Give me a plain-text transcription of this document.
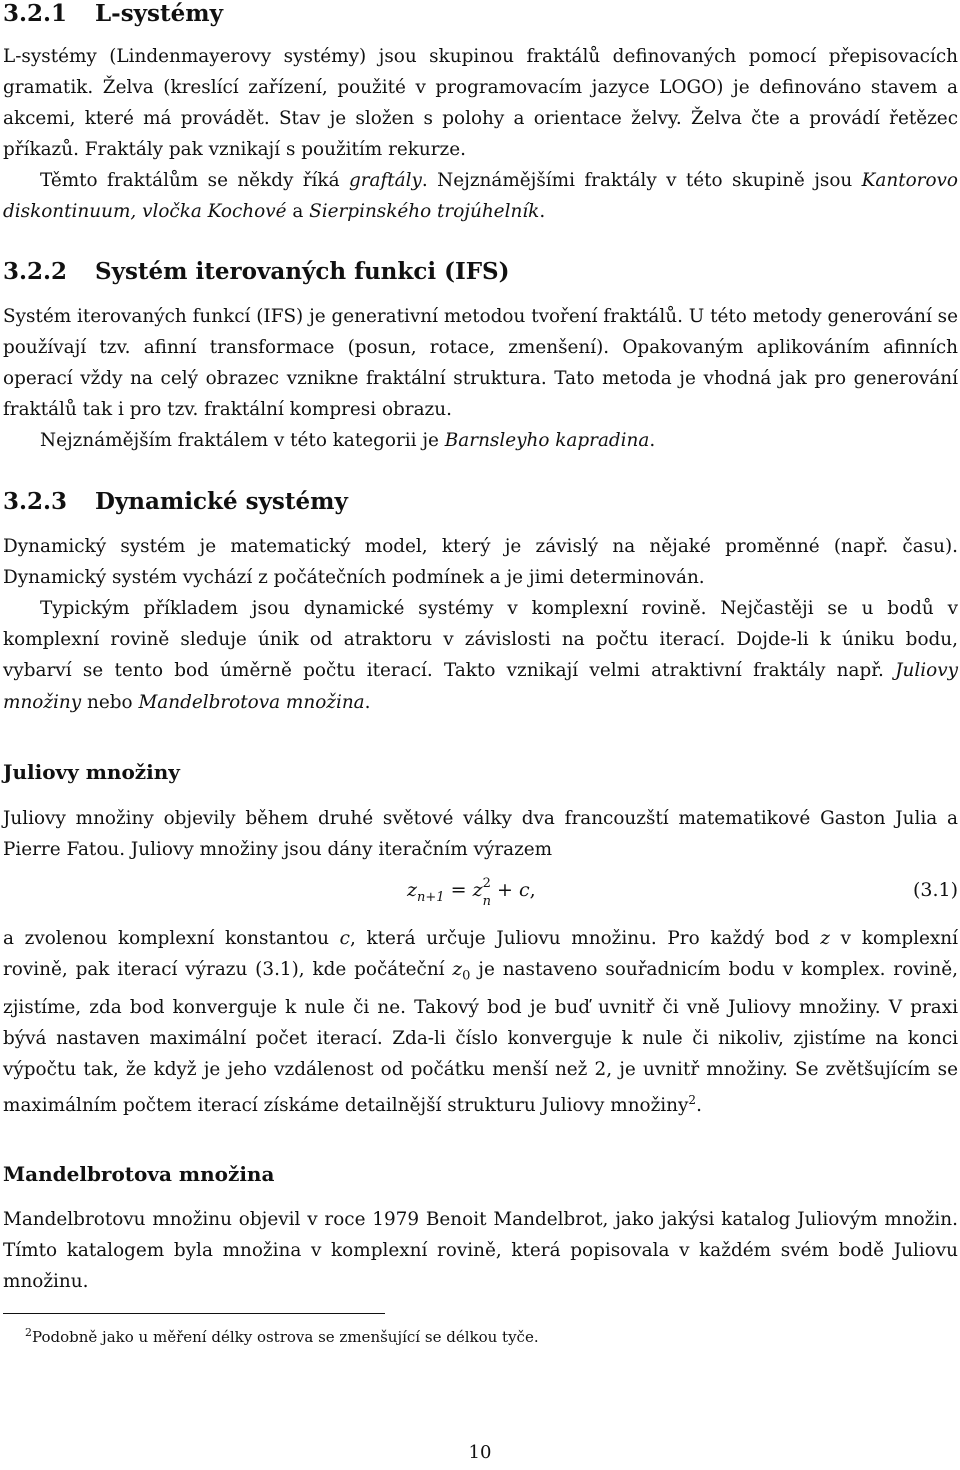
3.2.1 L-systémy

L-systémy (Lindenmayerovy systémy) jsou skupinou fraktálů definovaných pomocí přepisovacích gramatik. Želva (kreslící zařízení, použité v programovacím jazyce LOGO) je definováno stavem a akcemi, které má provádět. Stav je složen s polohy a orientace želvy. Želva čte a provádí řetězec příkazů. Fraktály pak vznikají s použitím rekurze.

Těmto fraktálům se někdy říká graftály. Nejznámějšími fraktály v této skupině jsou Kantorovo diskontinuum, vločka Kochové a Sierpinského trojúhelník.

3.2.2 Systém iterovaných funkci (IFS)

Systém iterovaných funkcí (IFS) je generativní metodou tvoření fraktálů. U této metody generování se používají tzv. afinní transformace (posun, rotace, zmenšení). Opakovaným aplikováním afinních operací vždy na celý obrazec vznikne fraktální struktura. Tato metoda je vhodná jak pro generování fraktálů tak i pro tzv. fraktální kompresi obrazu.

Nejznámějším fraktálem v této kategorii je Barnsleyho kapradina.

3.2.3 Dynamické systémy

Dynamický systém je matematický model, který je závislý na nějaké proměnné (např. času). Dynamický systém vychází z počátečních podmínek a je jimi determinován.

Typickým příkladem jsou dynamické systémy v komplexní rovině. Nejčastěji se u bodů v komplexní rovině sleduje únik od atraktoru v závislosti na počtu iterací. Dojde-li k úniku bodu, vybarví se tento bod úměrně počtu iterací. Takto vznikají velmi atraktivní fraktály např. Juliovy množiny nebo Mandelbrotova množina.

Juliovy množiny

Juliovy množiny objevily během druhé světové války dva francouzští matematikové Gaston Julia a Pierre Fatou. Juliovy množiny jsou dány iteračním výrazem

$z_{n+1} = z$ 2
n
+ c,	(3.1)

a zvolenou komplexní konstantou c, která určuje Juliovu množinu. Pro každý bod z v komplexní rovině, pak iterací výrazu (3.1), kde počáteční $z_0$ je nastaveno souřadnicím bodu v komplex. rovině, zjistíme, zda bod konverguje k nule či ne. Takový bod je buď uvnitř či vně Juliovy množiny. V praxi bývá nastaven maximální počet iterací. Zda-li číslo konverguje k nule či nikoliv, zjistíme na konci výpočtu tak, že když je jeho vzdálenost od počátku menší než 2, je uvnitř množiny. Se zvětšujícím se maximálním počtem iterací získáme detailnější strukturu Juliovy množiny$^2$.

Mandelbrotova množina

Mandelbrotovu množinu objevil v roce 1979 Benoit Mandelbrot, jako jakýsi katalog Juliovým množin. Tímto katalogem byla množina v komplexní rovině, která popisovala v každém svém bodě Juliovu množinu.

$^2$Podobně jako u měření délky ostrova se zmenšující se délkou tyče.
10
